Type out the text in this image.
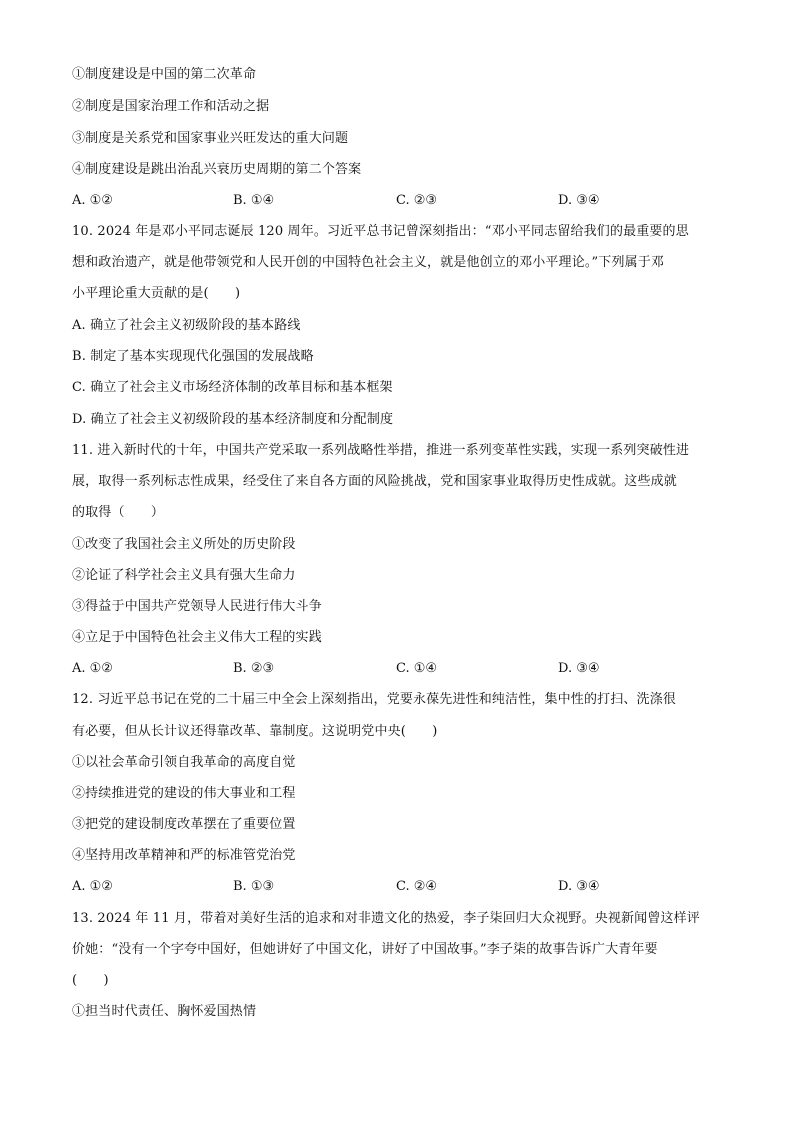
①制度建设是中国的第二次革命
②制度是国家治理工作和活动之据
③制度是关系党和国家事业兴旺发达的重大问题
④制度建设是跳出治乱兴衰历史周期的第二个答案
A. ①②	B. ①④	C. ②③	D. ③④
10. 2024 年是邓小平同志诞辰 120 周年。习近平总书记曾深刻指出：“邓小平同志留给我们的最重要的思
想和政治遗产，就是他带领党和人民开创的中国特色社会主义，就是他创立的邓小平理论。”下列属于邓
小平理论重大贡献的是(　　)
A. 确立了社会主义初级阶段的基本路线
B. 制定了基本实现现代化强国的发展战略
C. 确立了社会主义市场经济体制的改革目标和基本框架
D. 确立了社会主义初级阶段的基本经济制度和分配制度
11. 进入新时代的十年，中国共产党采取一系列战略性举措，推进一系列变革性实践，实现一系列突破性进
展，取得一系列标志性成果，经受住了来自各方面的风险挑战，党和国家事业取得历史性成就。这些成就
的取得（　　）
①改变了我国社会主义所处的历史阶段
②论证了科学社会主义具有强大生命力
③得益于中国共产党领导人民进行伟大斗争
④立足于中国特色社会主义伟大工程的实践
A. ①②	B. ②③	C. ①④	D. ③④
12. 习近平总书记在党的二十届三中全会上深刻指出，党要永葆先进性和纯洁性，集中性的打扫、洗涤很
有必要，但从长计议还得靠改革、靠制度。这说明党中央(　　)
①以社会革命引领自我革命的高度自觉
②持续推进党的建设的伟大事业和工程
③把党的建设制度改革摆在了重要位置
④坚持用改革精神和严的标准管党治党
A. ①②	B. ①③	C. ②④	D. ③④
13. 2024 年 11 月，带着对美好生活的追求和对非遗文化的热爱，李子柒回归大众视野。央视新闻曾这样评
价她：“没有一个字夸中国好，但她讲好了中国文化，讲好了中国故事。”李子柒的故事告诉广大青年要
(　　)
①担当时代责任、胸怀爱国热情
